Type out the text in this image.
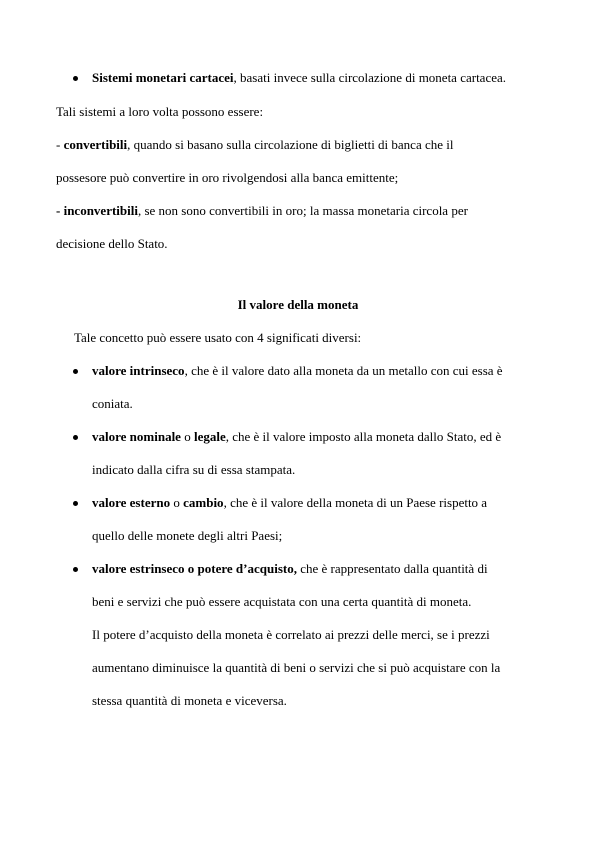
Sistemi monetari cartacei, basati invece sulla circolazione di moneta cartacea.
Tali sistemi a loro volta possono essere:
- convertibili, quando si basano sulla circolazione di biglietti di banca che il
possesore può convertire in oro rivolgendosi alla banca emittente;
- inconvertibili, se non sono convertibili in oro; la massa monetaria circola per
decisione dello Stato.
Il valore della moneta
Tale concetto può essere usato con 4 significati diversi:
valore intrinseco, che è il valore dato alla moneta da un metallo con cui essa è
coniata.
valore nominale o legale, che è il valore imposto alla moneta dallo Stato, ed è
indicato dalla cifra su di essa stampata.
valore esterno o cambio, che è il valore della moneta di un Paese rispetto a
quello delle monete degli altri Paesi;
valore estrinseco o potere d’acquisto, che è rappresentato dalla quantità di
beni e servizi che può essere acquistata con una certa quantità di moneta.
Il potere d’acquisto della moneta è correlato ai prezzi delle merci, se i prezzi
aumentano diminuisce la quantità di beni o servizi che si può acquistare con la
stessa quantità di moneta e viceversa.
